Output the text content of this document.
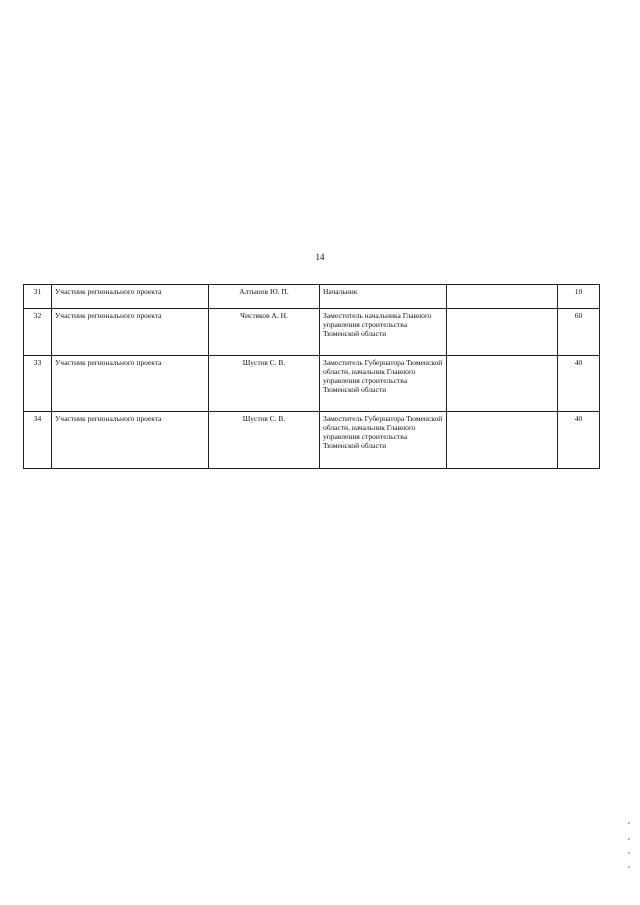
14
31	Участник регионального проекта	Алтынов Ю. П.	Начальник		10
32	Участник регионального проекта	Чистяков А. Н.	Заместитель начальника Главного управления строительства Тюменской области		60
33	Участник регионального проекта	Шустов С. В.	Заместитель Губернатора Тюменской области, начальник Главного управления строительства Тюменской области		40
34	Участник регионального проекта	Шустов С. В.	Заместитель Губернатора Тюменской области, начальник Главного управления строительства Тюменской области		40
